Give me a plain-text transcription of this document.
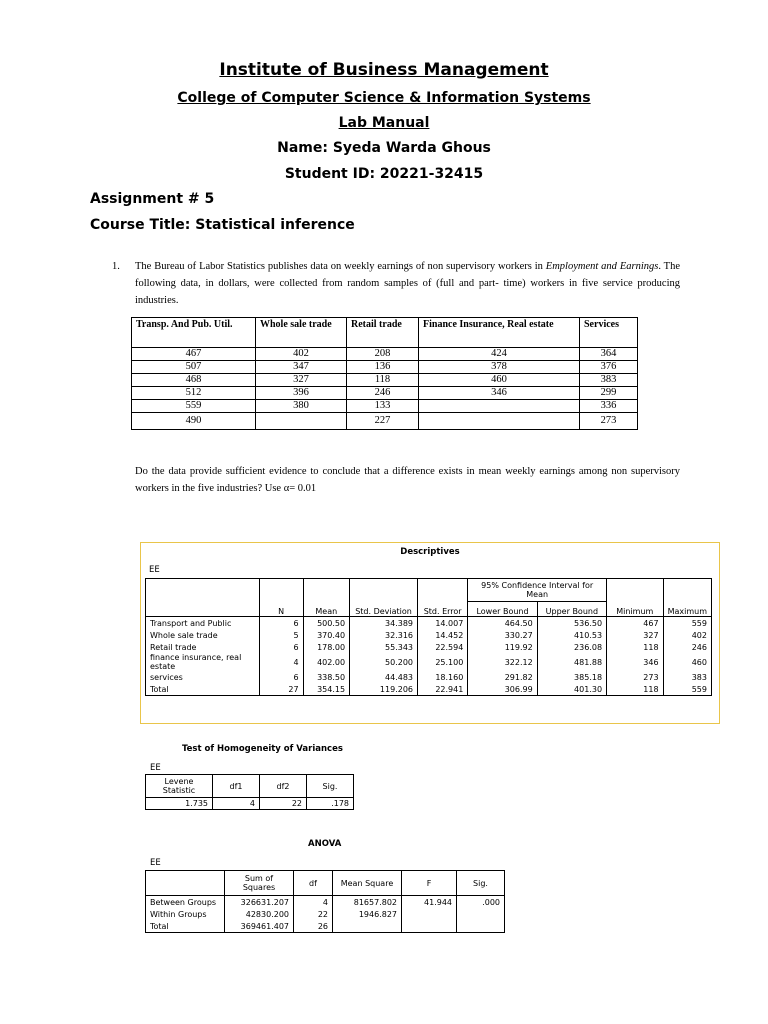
Institute of Business Management
College of Computer Science & Information Systems
Lab Manual
Name: Syeda Warda Ghous
Student ID: 20221-32415
Assignment # 5
Course Title: Statistical inference
1. The Bureau of Labor Statistics publishes data on weekly earnings of non supervisory workers in Employment and Earnings. The following data, in dollars, were collected from random samples of (full and part- time) workers in five service producing industries.
Transp. And Pub. Util.	Whole sale trade	Retail trade	Finance Insurance, Real estate	Services
467	402	208	424	364
507	347	136	378	376
468	327	118	460	383
512	396	246	346	299
559	380	133		336
490		227		273
Do the data provide sufficient evidence to conclude that a difference exists in mean weekly earnings among non supervisory workers in the five industries? Use α= 0.01
Descriptives
EE
	N	Mean	Std. Deviation	Std. Error	95% Confidence Interval for Mean		Minimum	Maximum
					Lower Bound	Upper Bound		
Transport and Public	6	500.50	34.389	14.007	464.50	536.50	467	559
Whole sale trade	5	370.40	32.316	14.452	330.27	410.53	327	402
Retail trade	6	178.00	55.343	22.594	119.92	236.08	118	246
finance insurance, real estate	4	402.00	50.200	25.100	322.12	481.88	346	460
services	6	338.50	44.483	18.160	291.82	385.18	273	383
Total	27	354.15	119.206	22.941	306.99	401.30	118	559
Test of Homogeneity of Variances
EE
Levene Statistic	df1	df2	Sig.
1.735	4	22	.178
ANOVA
EE
	Sum of Squares	df	Mean Square	F	Sig.
Between Groups	326631.207	4	81657.802	41.944	.000
Within Groups	42830.200	22	1946.827		
Total	369461.407	26			
